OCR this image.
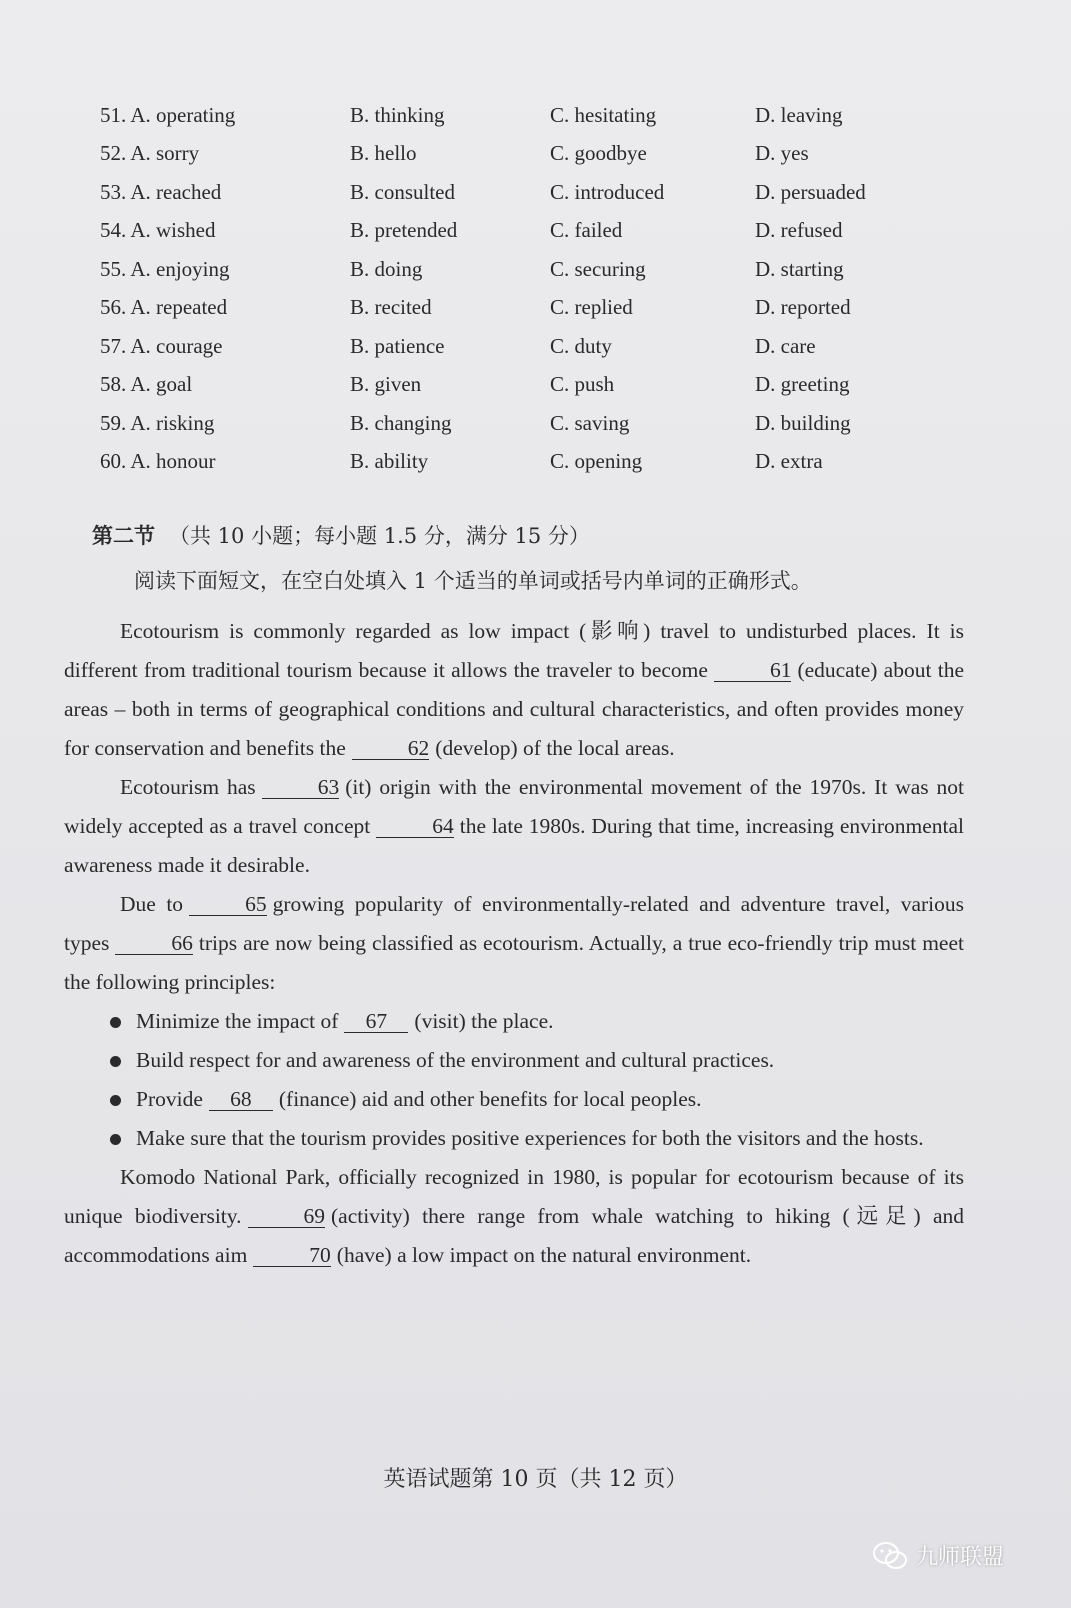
51. A. operating	B. thinking	C. hesitating	D. leaving
52. A. sorry	B. hello	C. goodbye	D. yes
53. A. reached	B. consulted	C. introduced	D. persuaded
54. A. wished	B. pretended	C. failed	D. refused
55. A. enjoying	B. doing	C. securing	D. starting
56. A. repeated	B. recited	C. replied	D. reported
57. A. courage	B. patience	C. duty	D. care
58. A. goal	B. given	C. push	D. greeting
59. A. risking	B. changing	C. saving	D. building
60. A. honour	B. ability	C. opening	D. extra
第二节 （共 10 小题；每小题 1.5 分，满分 15 分）
阅读下面短文，在空白处填入 1 个适当的单词或括号内单词的正确形式。

Ecotourism is commonly regarded as low impact (影响) travel to undisturbed places. It is different from traditional tourism because it allows the traveler to become	61 (educate) about the areas – both in terms of geographical conditions and cultural characteristics, and often provides money for conservation and benefits the	62 (develop) of the local areas.

Ecotourism has	63 (it) origin with the environmental movement of the 1970s. It was not widely accepted as a travel concept	64 the late 1980s. During that time, increasing environmental awareness made it desirable.

Due to	65 growing popularity of environmentally-related and adventure travel, various types	66 trips are now being classified as ecotourism. Actually, a true eco-friendly trip must meet the following principles:

Minimize the impact of 67 (visit) the place.
Build respect for and awareness of the environment and cultural practices.
Provide 68 (finance) aid and other benefits for local peoples.
Make sure that the tourism provides positive experiences for both the visitors and the hosts.

Komodo National Park, officially recognized in 1980, is popular for ecotourism because of its unique biodiversity.	69 (activity) there range from whale watching to hiking (远足) and accommodations aim	70 (have) a low impact on the natural environment.

英语试题第 10 页（共 12 页）
九师联盟
